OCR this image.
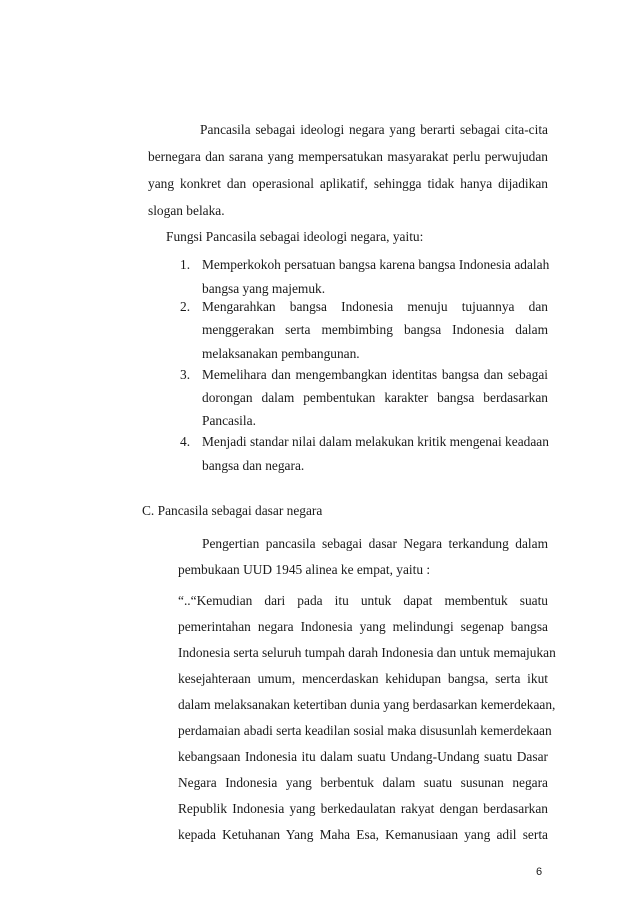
Pancasila sebagai ideologi negara yang berarti sebagai cita-cita

bernegara dan sarana yang mempersatukan masyarakat perlu perwujudan

yang konkret dan operasional aplikatif, sehingga tidak hanya dijadikan

slogan belaka.

Fungsi Pancasila sebagai ideologi negara, yaitu:

1. Memperkokoh persatuan bangsa karena bangsa Indonesia adalah

bangsa yang majemuk.

2. Mengarahkan bangsa Indonesia menuju tujuannya dan

menggerakan serta membimbing bangsa Indonesia dalam

melaksanakan pembangunan.

3. Memelihara dan mengembangkan identitas bangsa dan sebagai

dorongan dalam pembentukan karakter bangsa berdasarkan

Pancasila.

4. Menjadi standar nilai dalam melakukan kritik mengenai keadaan

bangsa dan negara.

C. Pancasila sebagai dasar negara

Pengertian pancasila sebagai dasar Negara terkandung dalam

pembukaan UUD 1945 alinea ke empat, yaitu :

“..“Kemudian dari pada itu untuk dapat membentuk suatu

pemerintahan negara Indonesia yang melindungi segenap bangsa

Indonesia serta seluruh tumpah darah Indonesia dan untuk memajukan

kesejahteraan umum, mencerdaskan kehidupan bangsa, serta ikut

dalam melaksanakan ketertiban dunia yang berdasarkan kemerdekaan,

perdamaian abadi serta keadilan sosial maka disusunlah kemerdekaan

kebangsaan Indonesia itu dalam suatu Undang-Undang suatu Dasar

Negara Indonesia yang berbentuk dalam suatu susunan negara

Republik Indonesia yang berkedaulatan rakyat dengan berdasarkan

kepada Ketuhanan Yang Maha Esa, Kemanusiaan yang adil serta

6
